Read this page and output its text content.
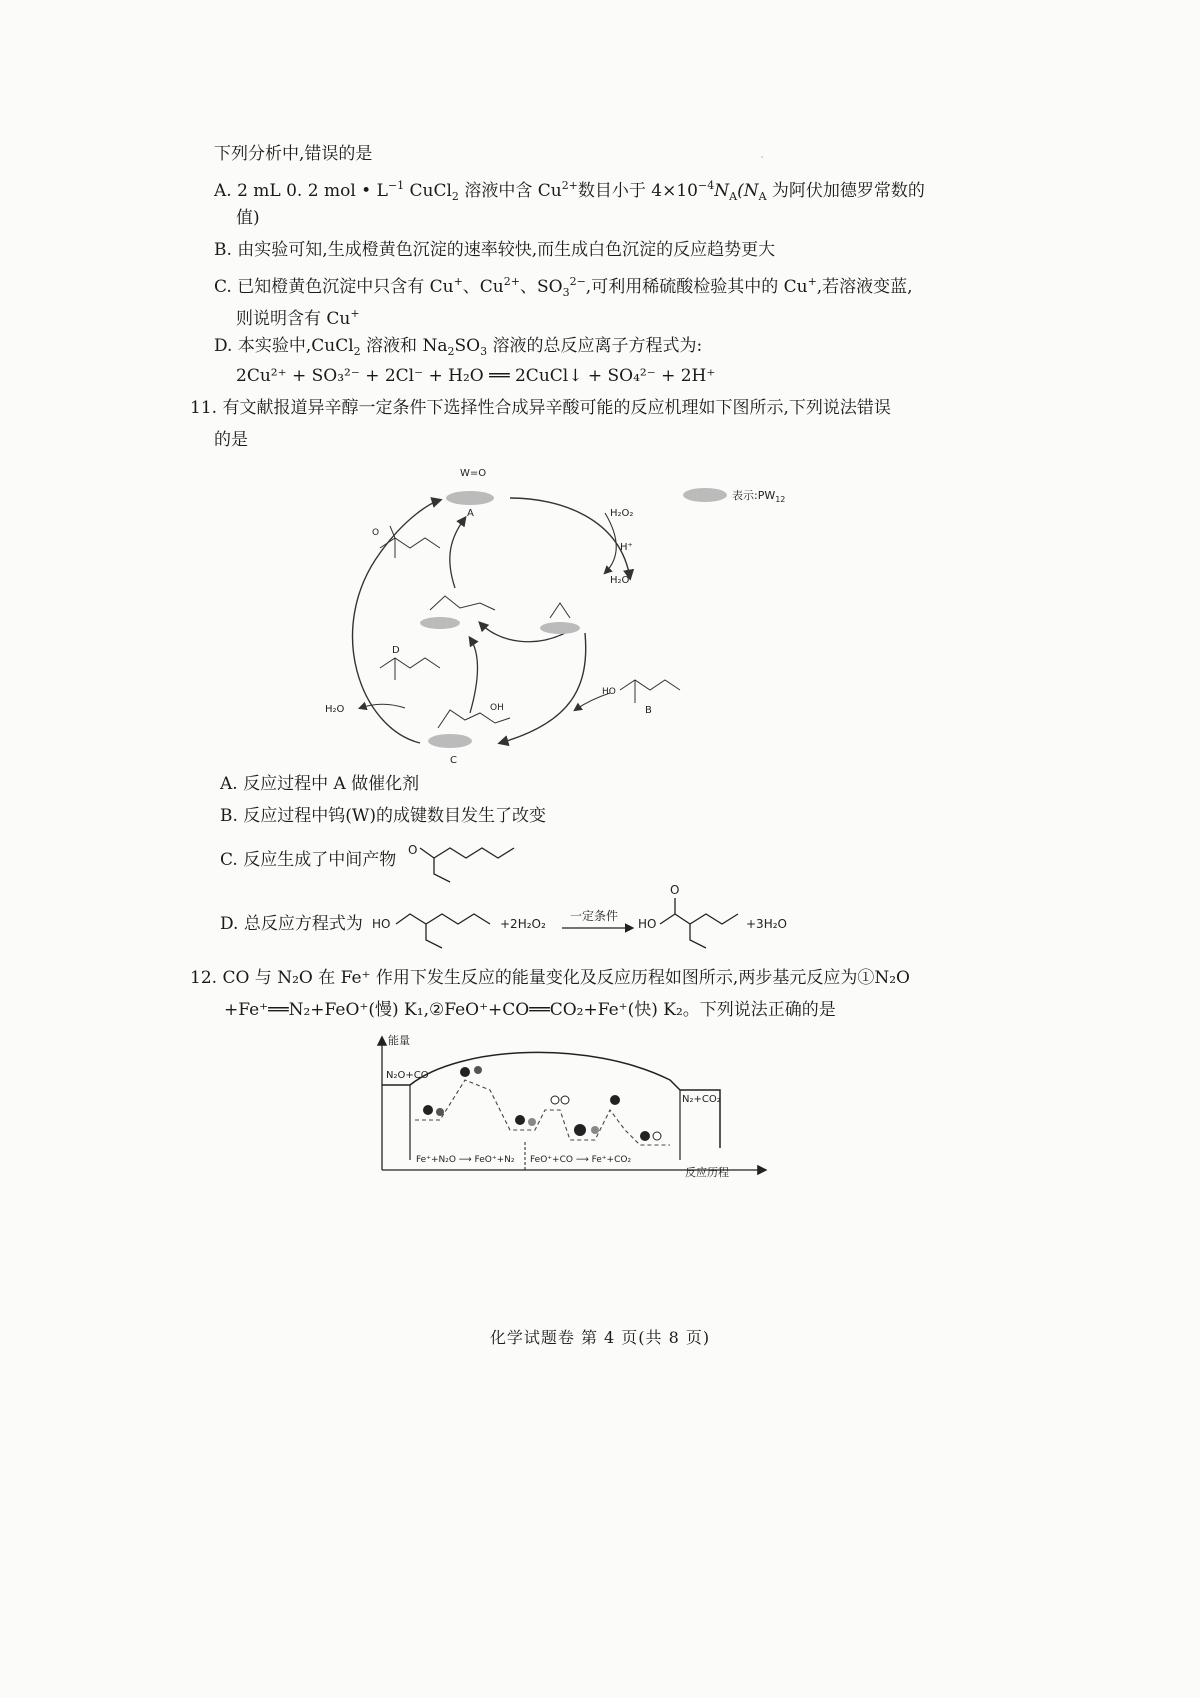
·
下列分析中,错误的是
A. 2 mL 0. 2 mol • $L^{-1}$ CuCl$_2$ 溶液中含 $Cu^{2+}$数目小于 $4\times 10^{-4}N_A(N_A$ 为阿伏加德罗常数的
值)
B. 由实验可知,生成橙黄色沉淀的速率较快,而生成白色沉淀的反应趋势更大
C. 已知橙黄色沉淀中只含有 Cu+、$Cu^{2+}$、$SO_3^{2-}$,可利用稀硫酸检验其中的 Cu+,若溶液变蓝,
则说明含有 Cu+
D. 本实验中,CuCl$_2$ 溶液和 $Na_2SO_3$ 溶液的总反应离子方程式为:
2Cu²⁺ + SO₃²⁻ + 2Cl⁻ + H₂O ══ 2CuCl↓ + SO₄²⁻ + 2H⁺
11. 有文献报道异辛醇一定条件下选择性合成异辛酸可能的反应机理如下图所示,下列说法错误
的是
H₂O₂
H⁺
H₂O
H₂O
W=O
A
OH
C
O
D
HO
B
表示$:PW_{12}$
A. 反应过程中 A 做催化剂
B. 反应过程中钨(W)的成键数目发生了改变
C. 反应生成了中间产物 O
D. 总反应方程式为 HO	+2H₂O₂
一定条件
HO
O
+3H₂O
12. CO 与 N₂O 在 Fe⁺ 作用下发生反应的能量变化及反应历程如图所示,两步基元反应为①N₂O
+Fe⁺══N₂+FeO⁺(慢) K₁,②FeO⁺+CO══CO₂+Fe⁺(快) K₂。下列说法正确的是
能量
反应历程
N₂O+CO
N₂+CO₂
Fe⁺+N₂O ⟶ FeO⁺+N₂ FeO⁺+CO ⟶ Fe⁺+CO₂
化学试题卷 第 4 页(共 8 页)
